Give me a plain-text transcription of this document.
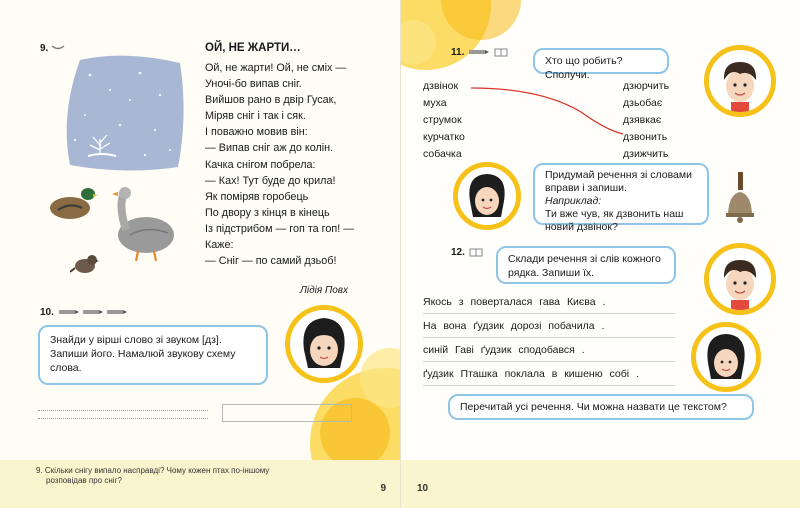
9.	ОЙ, НЕ ЖАРТИ…
Ой, не жарти! Ой, не сміх —
Уночі-бо випав сніг.
Вийшов рано в двір Гусак,
Міряв сніг і так і сяк.
І поважно мовив він:
— Випав сніг аж до колін.
Качка снігом побрела:
— Ках! Тут буде до крила!
Як поміряв горобець
По двору з кінця в кінець
Із підстрибом — гоп та гоп! —
Каже:
— Сніг — по самий дзьоб!
Лідія Повх
10.
Знайди у вірші слово зі звуком [дз].
Запиши його. Намалюй звукову схему
слова.
9. Скільки снігу випало насправді? Чому кожен птах по-іншому
розповідав про сніг?
9
11.
Хто що робить? Сполучи.
дзвінок
муха
струмок
курчатко
собачка
дзюрчить
дзьобає
дзявкає
дзвонить
дзижчить
Придумай речення зі словами
вправи і запиши.
Наприклад:
Ти вже чув, як дзвонить наш
новий дзвінок?
12.
Склади речення зі слів кожного
рядка. Запиши їх.
Якось з поверталася гава Києва .
На вона ґудзик дорозі побачила .
синій Гаві ґудзик сподобався .
ґудзик Пташка поклала в кишеню собі .
Перечитай усі речення. Чи можна назвати це текстом?
10
